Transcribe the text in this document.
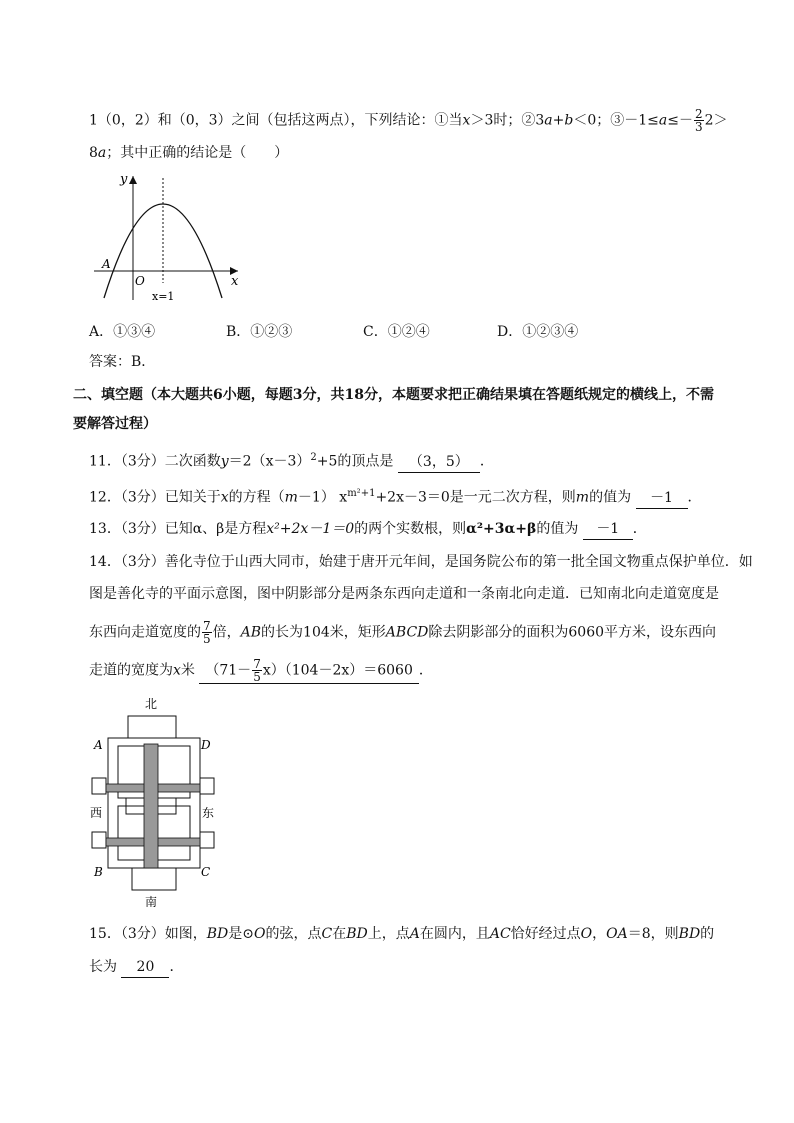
1（0，2）和（0，3）之间（包括这两点），下列结论：①当x＞3时；②3a+b＜0；③－1≤a≤－ $\frac{2}{3} 2>$
8a；其中正确的结论是（　　）
y
x
A
O
x=1
A．①③④	B．①②③	C．①②④	D．①②③④
答案：B．
二、填空题（本大题共6小题，每题3分，共18分，本题要求把正确结果填在答题纸规定的横线上，不需
要解答过程）
11．（3分）二次函数$y=2(x-3)^2+5$的顶点是 （3，5） ．
12．（3分）已知关于x的方程（m－1） $x^{m^2+1}+2x-3=0$是一元二次方程，则m的值为 －1 ．
13．（3分）已知α、β是方程x²+2x－1＝0的两个实数根，则α²+3α+β的值为 －1 ．
14．（3分）善化寺位于山西大同市，始建于唐开元年间，是国务院公布的第一批全国文物重点保护单位．如
图是善化寺的平面示意图，图中阴影部分是两条东西向走道和一条南北向走道．已知南北向走道宽度是
东西向走道宽度的 $\frac{7}{5}$ 倍，AB的长为104米，矩形ABCD除去阴影部分的面积为6060平方米，设东西向
走道的宽度为x米 $(71- \frac{7}{5} x)(104-2x)=6060$ ．
北
南
西	东
A	D
B	C
15．（3分）如图，BD是⊙O的弦，点C在BD上，点A在圆内，且AC恰好经过点O，OA＝8，则BD的
长为 20 ．
